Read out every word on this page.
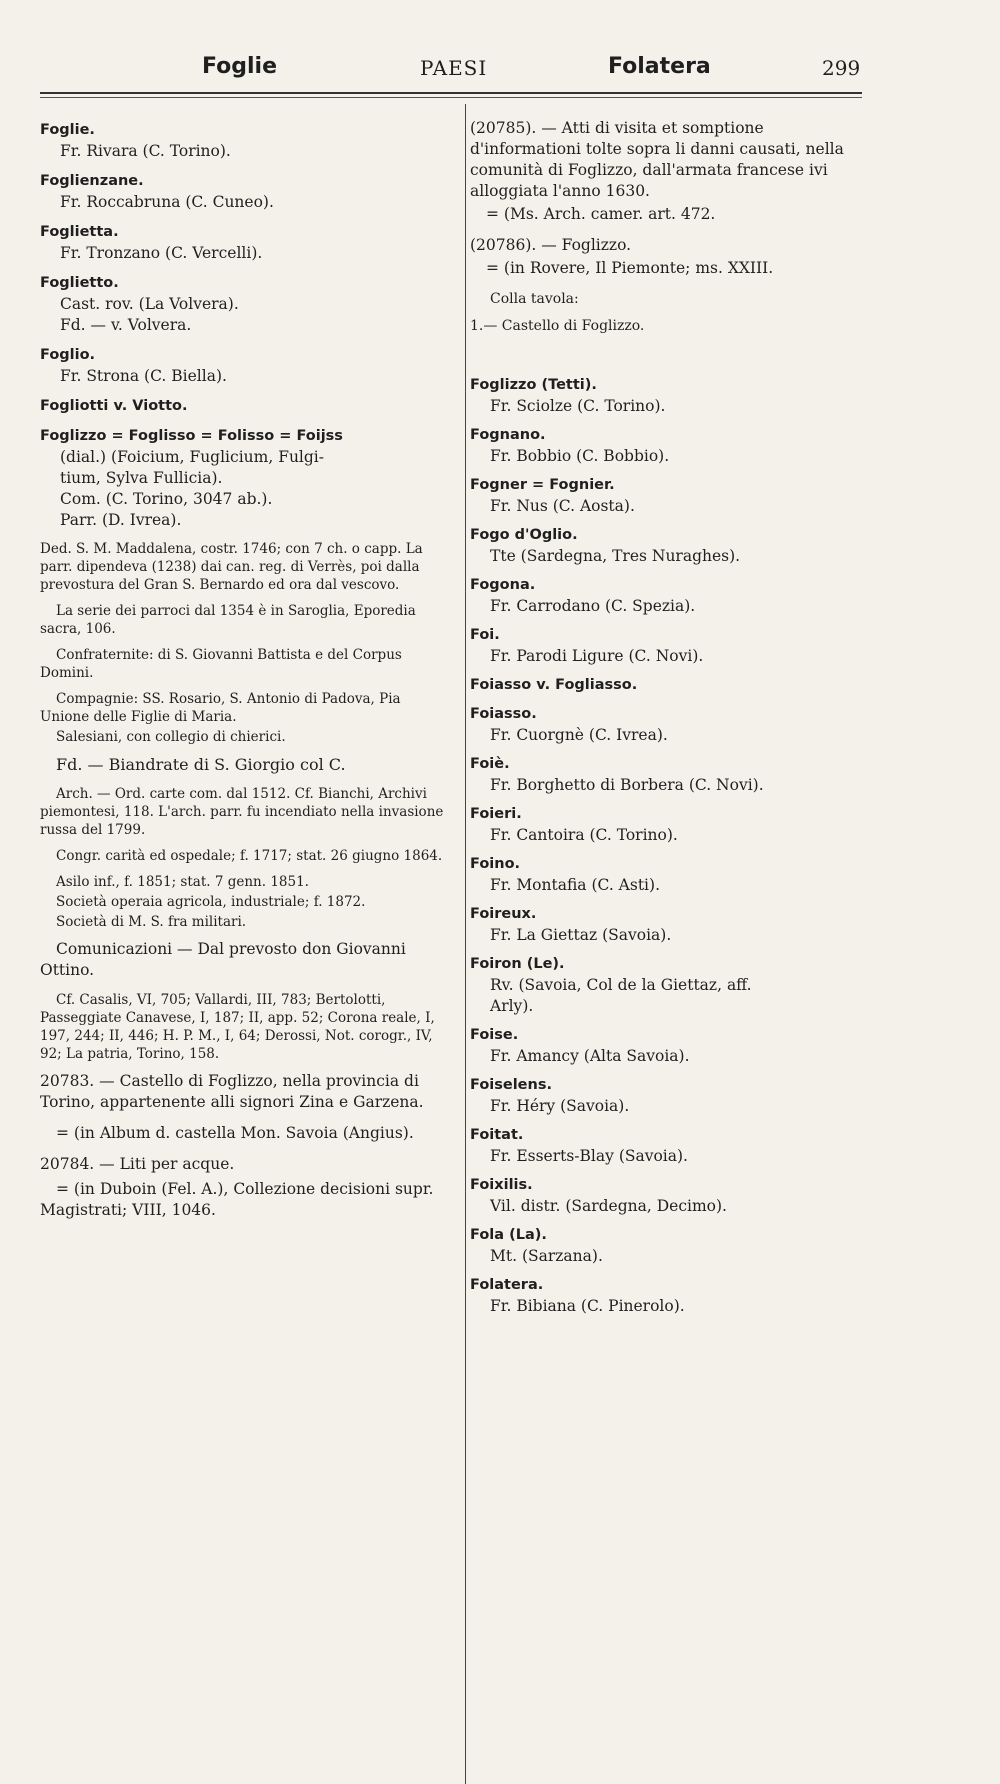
Foglie	PAESI	Folatera	299
Foglie.
Fr. Rivara (C. Torino).
Foglienzane.
Fr. Roccabruna (C. Cuneo).
Foglietta.
Fr. Tronzano (C. Vercelli).
Foglietto.
Cast. rov. (La Volvera).
Fd. — v. Volvera.
Foglio.
Fr. Strona (C. Biella).
Fogliotti v. Viotto.
Foglizzo = Foglisso = Folisso = Foijss
(dial.) (Foicium, Fuglicium, Fulgi-
tium, Sylva Fullicia).
Com. (C. Torino, 3047 ab.).
Parr. (D. Ivrea).
Ded. S. M. Maddalena, costr. 1746; con 7 ch. o capp. La parr. dipendeva (1238) dai can. reg. di Verrès, poi dalla prevostura del Gran S. Bernardo ed ora dal vescovo.
La serie dei parroci dal 1354 è in Saroglia, Eporedia sacra, 106.
Confraternite: di S. Giovanni Battista e del Corpus Domini.
Compagnie: SS. Rosario, S. Antonio di Padova, Pia Unione delle Figlie di Maria.
Salesiani, con collegio di chierici.
Fd. — Biandrate di S. Giorgio col C.
Arch. — Ord. carte com. dal 1512. Cf. Bianchi, Archivi piemontesi, 118. L'arch. parr. fu incendiato nella invasione russa del 1799.
Congr. carità ed ospedale; f. 1717; stat. 26 giugno 1864.
Asilo inf., f. 1851; stat. 7 genn. 1851.
Società operaia agricola, industriale; f. 1872.
Società di M. S. fra militari.
Comunicazioni — Dal prevosto don Giovanni Ottino.
Cf. Casalis, VI, 705; Vallardi, III, 783; Bertolotti, Passeggiate Canavese, I, 187; II, app. 52; Corona reale, I, 197, 244; II, 446; H. P. M., I, 64; Derossi, Not. corogr., IV, 92; La patria, Torino, 158.
20783. — Castello di Foglizzo, nella provincia di Torino, appartenente alli signori Zina e Garzena.
= (in Album d. castella Mon. Savoia (Angius).
20784. — Liti per acque.
= (in Duboin (Fel. A.), Collezione decisioni supr. Magistrati; VIII, 1046.
(20785). — Atti di visita et somptione d'informationi tolte sopra li danni causati, nella comunità di Foglizzo, dall'armata francese ivi alloggiata l'anno 1630.
= (Ms. Arch. camer. art. 472.
(20786). — Foglizzo.
= (in Rovere, Il Piemonte; ms. XXIII.
Colla tavola:
1.— Castello di Foglizzo.
Foglizzo (Tetti).
Fr. Sciolze (C. Torino).
Fognano.
Fr. Bobbio (C. Bobbio).
Fogner = Fognier.
Fr. Nus (C. Aosta).
Fogo d'Oglio.
Tte (Sardegna, Tres Nuraghes).
Fogona.
Fr. Carrodano (C. Spezia).
Foi.
Fr. Parodi Ligure (C. Novi).
Foiasso v. Fogliasso.
Foiasso.
Fr. Cuorgnè (C. Ivrea).
Foiè.
Fr. Borghetto di Borbera (C. Novi).
Foieri.
Fr. Cantoira (C. Torino).
Foino.
Fr. Montafia (C. Asti).
Foireux.
Fr. La Giettaz (Savoia).
Foiron (Le).
Rv. (Savoia, Col de la Giettaz, aff.
Arly).
Foise.
Fr. Amancy (Alta Savoia).
Foiselens.
Fr. Héry (Savoia).
Foitat.
Fr. Esserts-Blay (Savoia).
Foixilis.
Vil. distr. (Sardegna, Decimo).
Fola (La).
Mt. (Sarzana).
Folatera.
Fr. Bibiana (C. Pinerolo).
